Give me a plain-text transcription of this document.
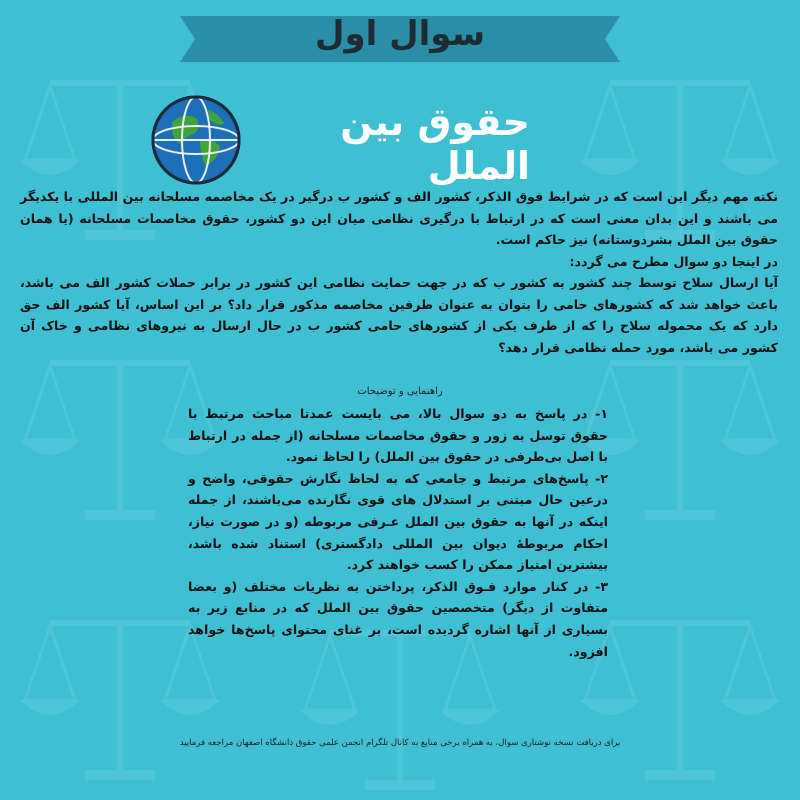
سوال اول
حقوق بین الملل

نکته مهم دیگر این است که در شرایط فوق الذکر، کشور الف و کشور ب درگیر در یک مخاصمه مسلحانه بین المللی با یکدیگر می باشند و این بدان معنی است که در ارتباط با درگیری نظامی میان این دو کشور، حقوق مخاصمات مسلحانه (یا همان حقوق بین الملل بشردوستانه) نیز حاکم است.

در اینجا دو سوال مطرح می گردد:

آیا ارسال سلاح توسط چند کشور به کشور ب که در جهت حمایت نظامی این کشور در برابر حملات کشور الف می باشد، باعث خواهد شد که کشورهای حامی را بتوان به عنوان طرفین مخاصمه مذکور قرار داد؟ بر این اساس، آیا کشور الف حق دارد که یک محموله سلاح را که از طرف یکی از کشورهای حامی کشور ب در حال ارسال به نیروهای نظامی و خاک آن کشور می باشد، مورد حمله نظامی قرار دهد؟

راهنمایی و توضیحات

۱- در پاسخ به دو سوال بالا، می بایست عمدتا مباحث مرتبط با حقوق توسل به زور و حقوق مخاصمات مسلحانه (از جمله در ارتباط با اصل بی‌طرفی در حقوق بین الملل) را لحاظ نمود.

۲- پاسخ‌های مرتبط و جامعی که به لحاظ نگارش حقوقی، واضح و درعین حال مبتنی بر استدلال های قوی نگارنده می‌باشند، از جمله اینکه در آنها به حقوق بین الملل عـرفی مربوطه (و در صورت نیاز، احکام مربوطهٔ دیوان بین المللی دادگستری) استناد شده باشد، بیشترین امتیاز ممکن را کسب خواهند کرد.

۳- در کنار موارد فـوق الذکر، پرداختن به نظریات مختلف (و بعضا متفاوت از دیگر) متخصصین حقوق بین الملل که در منابع زیر به بسیاری از آنها اشاره گردیده است، بر غنای محتوای پاسخ‌ها خواهد افزود.

برای دریافت نسخه نوشتاری سوال، به همراه برخی منابع به کانال تلگرام انجمن علمی حقوق دانشگاه اصفهان مراجعه فرمایید
